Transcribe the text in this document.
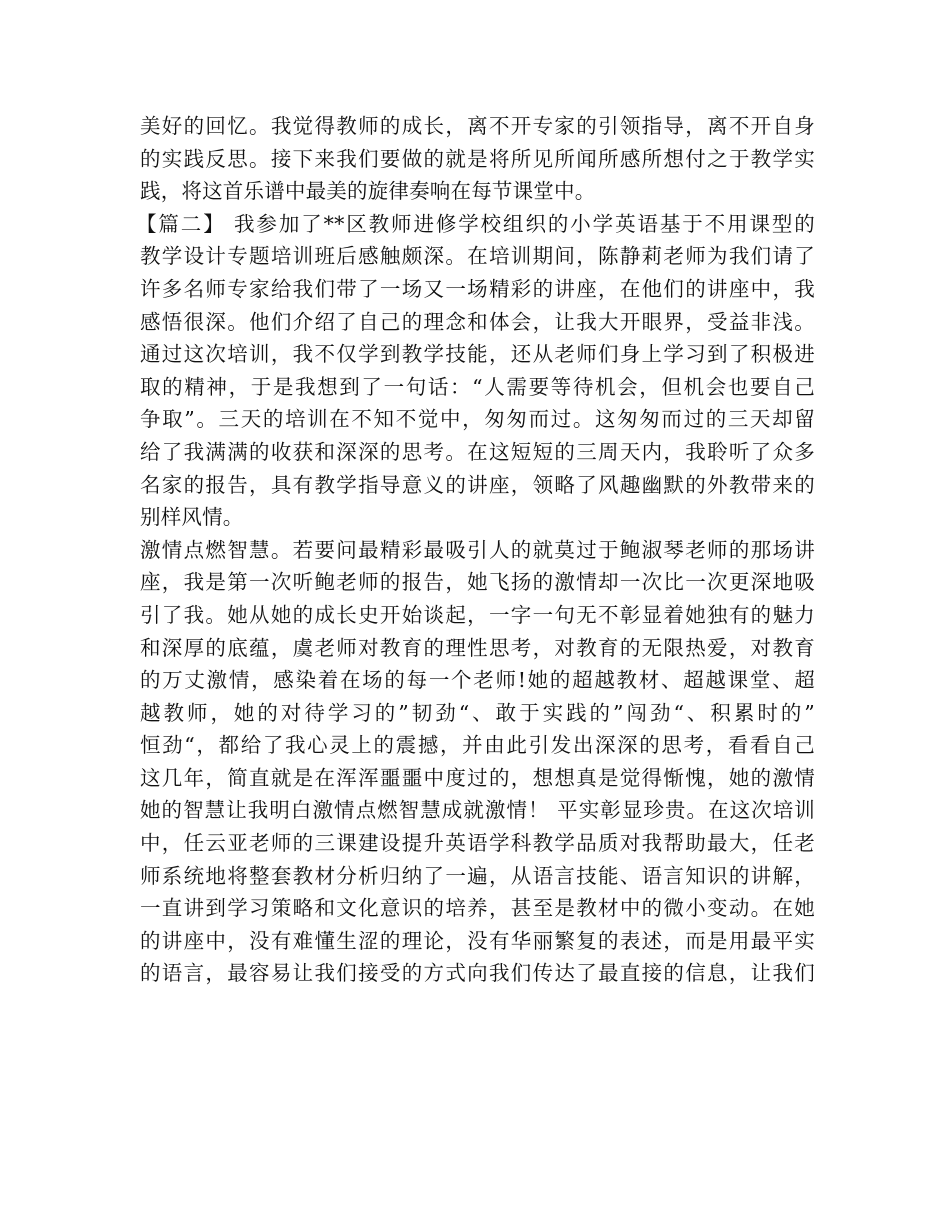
美好的回忆。我觉得教师的成长，离不开专家的引领指导，离不开自身
的实践反思。接下来我们要做的就是将所见所闻所感所想付之于教学实
践，将这首乐谱中最美的旋律奏响在每节课堂中。
【篇二】 我参加了**区教师进修学校组织的小学英语基于不用课型的
教学设计专题培训班后感触颇深。在培训期间，陈静莉老师为我们请了
许多名师专家给我们带了一场又一场精彩的讲座，在他们的讲座中，我
感悟很深。他们介绍了自己的理念和体会，让我大开眼界，受益非浅。
通过这次培训，我不仅学到教学技能，还从老师们身上学习到了积极进
取的精神，于是我想到了一句话：“人需要等待机会，但机会也要自己
争取”。三天的培训在不知不觉中，匆匆而过。这匆匆而过的三天却留
给了我满满的收获和深深的思考。在这短短的三周天内，我聆听了众多
名家的报告，具有教学指导意义的讲座，领略了风趣幽默的外教带来的
别样风情。
激情点燃智慧。若要问最精彩最吸引人的就莫过于鲍淑琴老师的那场讲
座，我是第一次听鲍老师的报告，她飞扬的激情却一次比一次更深地吸
引了我。她从她的成长史开始谈起，一字一句无不彰显着她独有的魅力
和深厚的底蕴，虞老师对教育的理性思考，对教育的无限热爱，对教育
的万丈激情，感染着在场的每一个老师!她的超越教材、超越课堂、超
越教师，她的对待学习的”韧劲“、敢于实践的”闯劲“、积累时的”
恒劲“，都给了我心灵上的震撼，并由此引发出深深的思考，看看自己
这几年，简直就是在浑浑噩噩中度过的，想想真是觉得惭愧，她的激情
她的智慧让我明白激情点燃智慧成就激情！ 平实彰显珍贵。在这次培训
中，任云亚老师的三课建设提升英语学科教学品质对我帮助最大，任老
师系统地将整套教材分析归纳了一遍，从语言技能、语言知识的讲解，
一直讲到学习策略和文化意识的培养，甚至是教材中的微小变动。在她
的讲座中，没有难懂生涩的理论，没有华丽繁复的表述，而是用最平实
的语言，最容易让我们接受的方式向我们传达了最直接的信息，让我们
